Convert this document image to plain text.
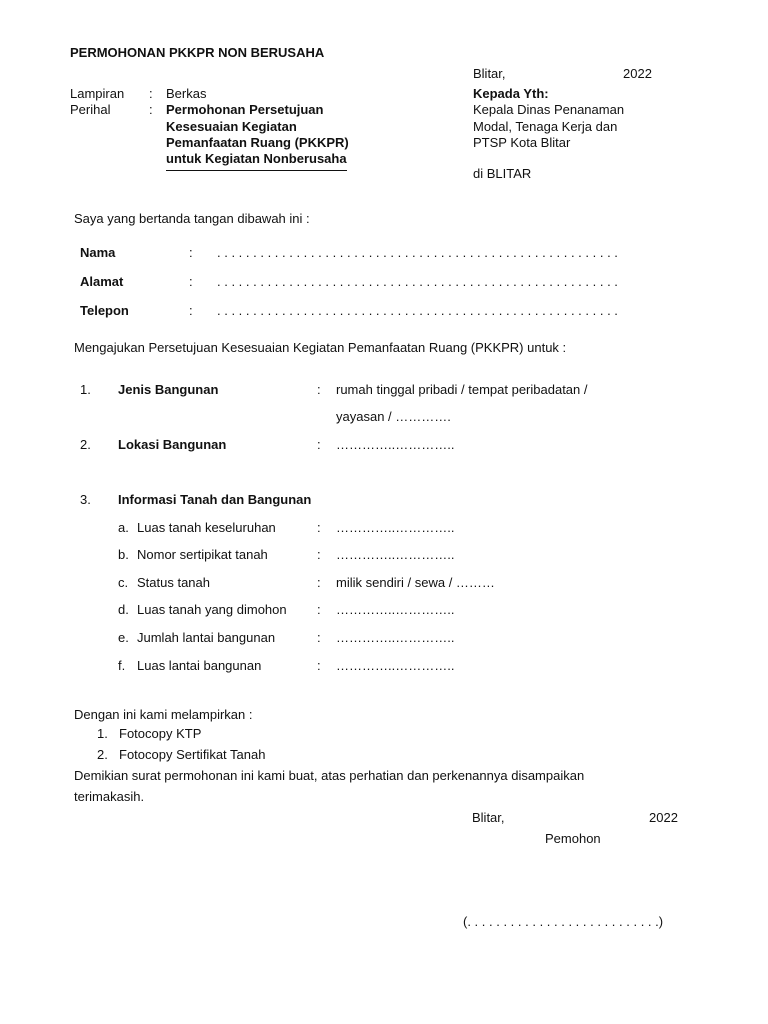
PERMOHONAN PKKPR NON BERUSAHA
Blitar,	2022
Lampiran : Berkas
Perihal	: Permohonan Persetujuan
Kesesuaian Kegiatan
Pemanfaatan Ruang (PKKPR)
untuk Kegiatan Nonberusaha
Kepada Yth:
Kepala Dinas Penanaman
Modal, Tenaga Kerja dan
PTSP Kota Blitar
di BLITAR
Saya yang bertanda tangan dibawah ini :
Nama	: . . . . . . . . . . . . . . . . . . . . . . . . . . . . . . . . . . . . . . . . . . . . . . . . . . . . . . . .
Alamat	: . . . . . . . . . . . . . . . . . . . . . . . . . . . . . . . . . . . . . . . . . . . . . . . . . . . . . . . .
Telepon	: . . . . . . . . . . . . . . . . . . . . . . . . . . . . . . . . . . . . . . . . . . . . . . . . . . . . . . . .
Mengajukan Persetujuan Kesesuaian Kegiatan Pemanfaatan Ruang (PKKPR) untuk :
1. Jenis Bangunan	: rumah tinggal pribadi / tempat peribadatan /
yayasan / ………….
2. Lokasi Bangunan	: …………..…………..
3. Informasi Tanah dan Bangunan
a. Luas tanah keseluruhan	: …………..…………..
b. Nomor sertipikat tanah	: …………..…………..
c. Status tanah	: milik sendiri / sewa / ………
d. Luas tanah yang dimohon : …………..…………..
e. Jumlah lantai bangunan	: …………..…………..
f. Luas lantai bangunan	: …………..…………..
Dengan ini kami melampirkan :
1. Fotocopy KTP
2. Fotocopy Sertifikat Tanah
Demikian surat permohonan ini kami buat, atas perhatian dan perkenannya disampaikan
terimakasih.
Blitar,	2022
Pemohon
(. . . . . . . . . . . . . . . . . . . . . . . . . . .)
